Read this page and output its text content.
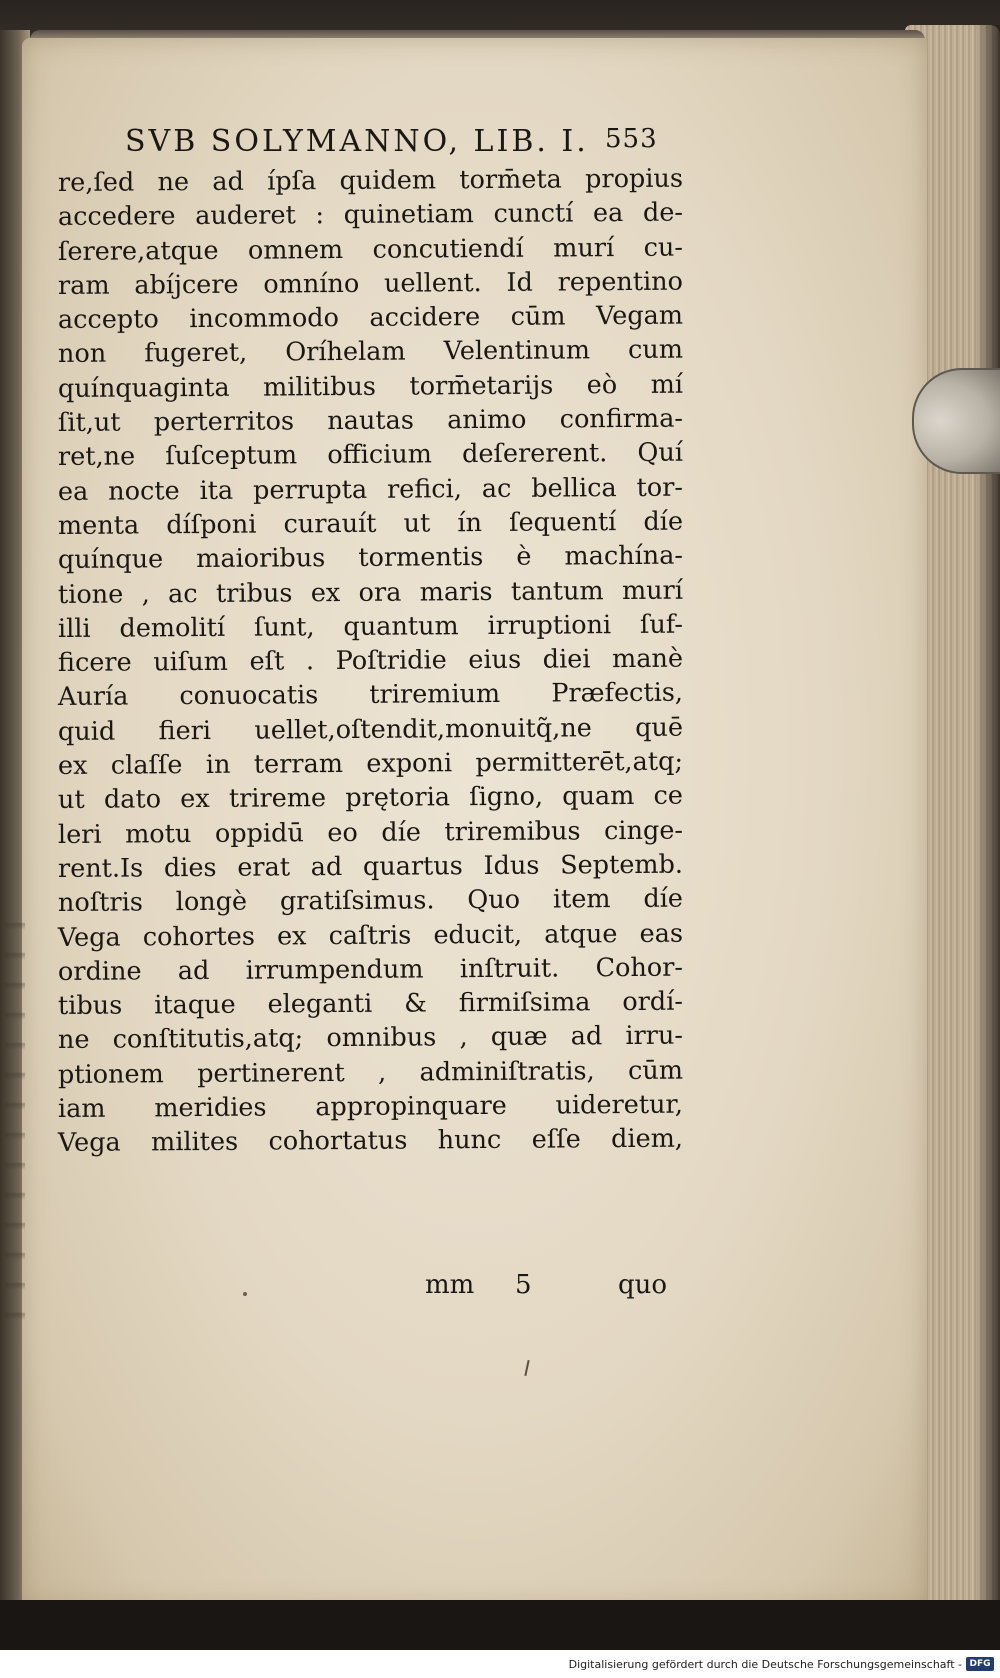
SVB SOLYMANNO, LIB. I. 553
re,ſed ne ad ípſa quidem torm̄eta propius
accedere auderet : quinetiam cunctí ea de-
ſerere,atque omnem concutiendí murí cu-
ram abíjcere omníno uellent. Id repentino
accepto incommodo accidere cūm Vegam
non fugeret, Oríhelam Velentinum cum
quínquaginta militibus torm̄etarijs eò mí
ſit,ut perterritos nautas animo confirma-
ret,ne ſuſceptum officium deſererent. Quí
ea nocte ita perrupta refici, ac bellica tor-
menta díſponi curauít ut ín ſequentí díe
quínque maioribus tormentis è machína-
tione , ac tribus ex ora maris tantum murí
illi demolití ſunt, quantum irruptioni ſuf-
ficere uiſum eſt . Poſtridie eius diei manè
Auría conuocatis triremium Præfectis,
quid fieri uellet,oſtendit,monuitq̃,ne quē
ex claſſe in terram exponi permitterēt,atq;
ut dato ex trireme prętoria ſigno, quam ce
leri motu oppidū eo díe triremibus cinge-
rent.Is dies erat ad quartus Idus Septemb.
noſtris longè gratiſsimus. Quo item díe
Vega cohortes ex caſtris educit, atque eas
ordine ad irrumpendum inſtruit. Cohor-
tibus itaque eleganti & firmiſsima ordí-
ne conſtitutis,atq; omnibus , quæ ad irru-
ptionem pertinerent , adminiſtratis, cūm
iam meridies appropinquare uideretur,
Vega milites cohortatus hunc eſſe diem,
mm 5	quo
Digitalisierung gefördert durch die Deutsche Forschungsgemeinschaft - DFG
